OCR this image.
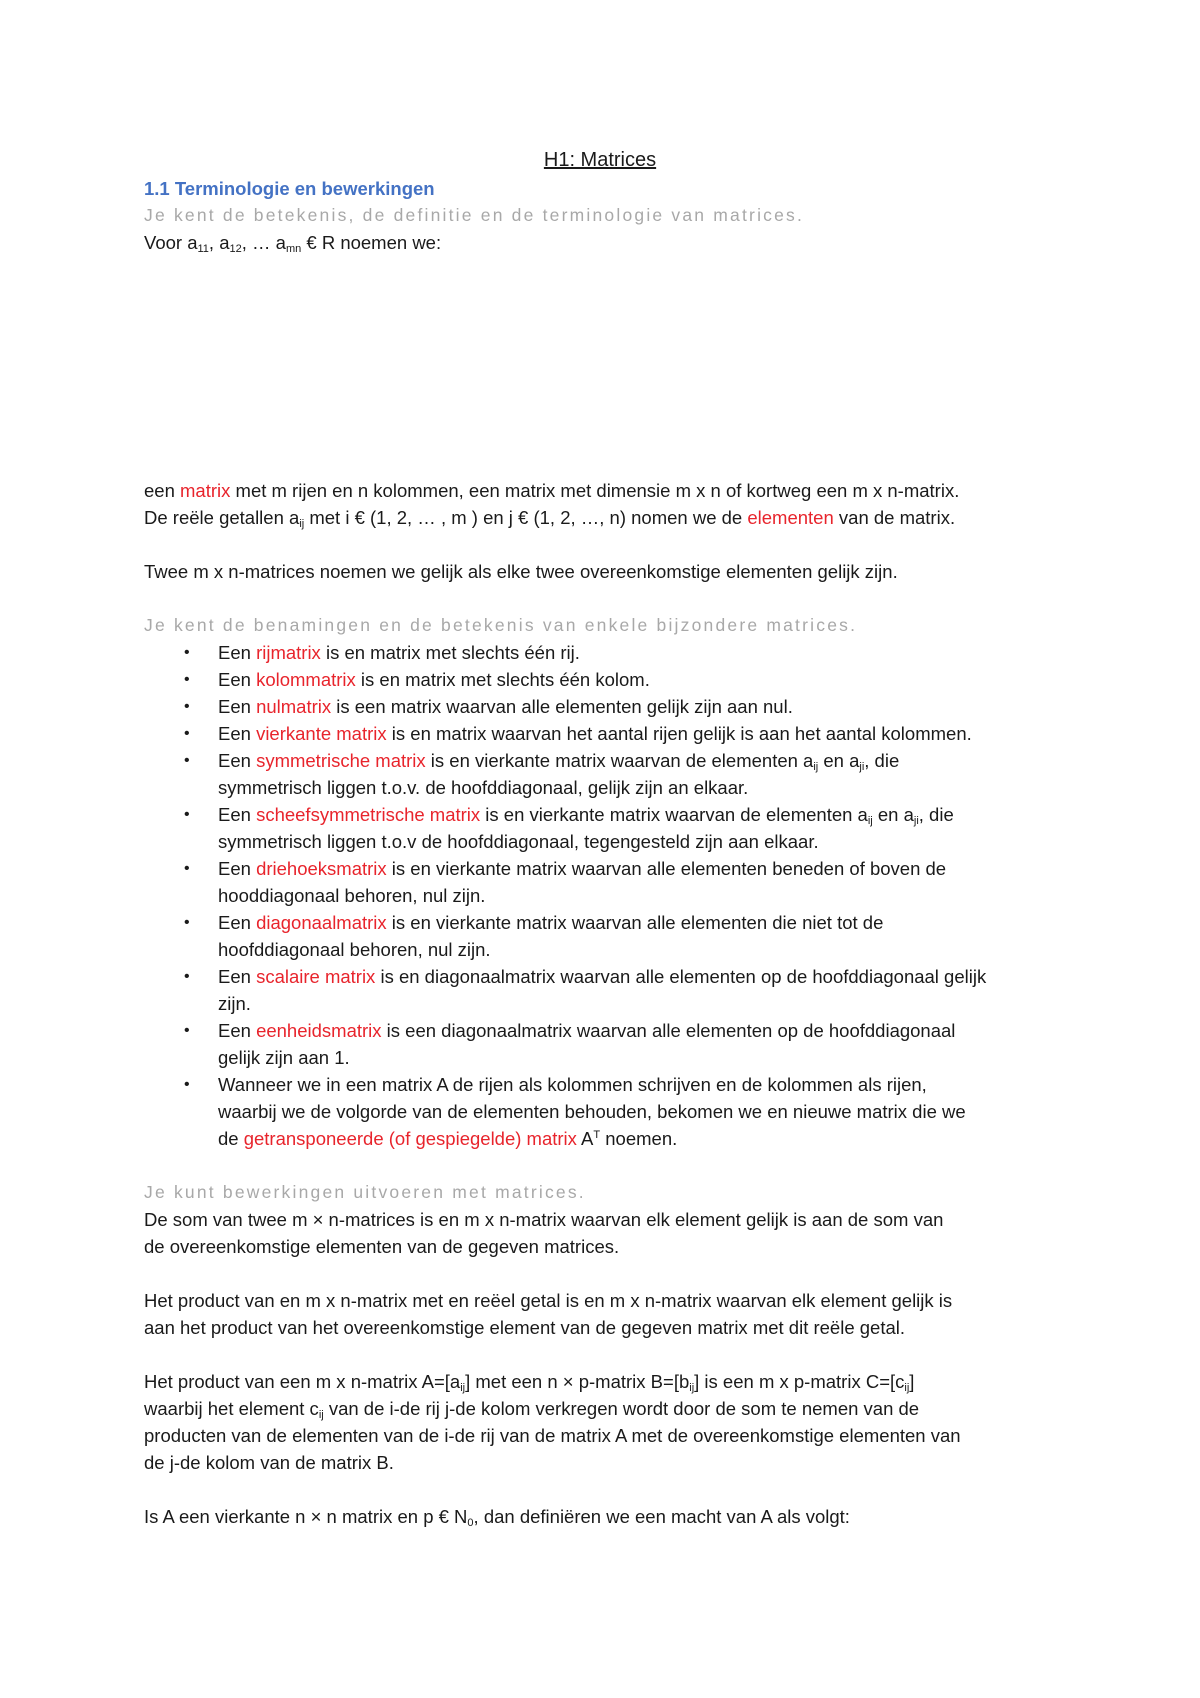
H1: Matrices
1.1 Terminologie en bewerkingen
Je kent de betekenis, de definitie en de terminologie van matrices.
Voor $a_{11}$, $a_{12}$, … $a_{mn}$ € R noemen we:
een matrix met m rijen en n kolommen, een matrix met dimensie m x n of kortweg een m x n-matrix.
De reële getallen $a_{ij}$ met i € (1, 2, … , m ) en j € (1, 2, …, n) nomen we de elementen van de matrix.
Twee m x n-matrices noemen we gelijk als elke twee overeenkomstige elementen gelijk zijn.
Je kent de benamingen en de betekenis van enkele bijzondere matrices.
• Een rijmatrix is en matrix met slechts één rij.
• Een kolommatrix is en matrix met slechts één kolom.
• Een nulmatrix is een matrix waarvan alle elementen gelijk zijn aan nul.
• Een vierkante matrix is en matrix waarvan het aantal rijen gelijk is aan het aantal kolommen.
• Een symmetrische matrix is en vierkante matrix waarvan de elementen $a_{ij}$ en $a_{ji}$, die
symmetrisch liggen t.o.v. de hoofddiagonaal, gelijk zijn an elkaar.
• Een scheefsymmetrische matrix is en vierkante matrix waarvan de elementen $a_{ij}$ en $a_{ji}$, die
symmetrisch liggen t.o.v de hoofddiagonaal, tegengesteld zijn aan elkaar.
• Een driehoeksmatrix is en vierkante matrix waarvan alle elementen beneden of boven de
hooddiagonaal behoren, nul zijn.
• Een diagonaalmatrix is en vierkante matrix waarvan alle elementen die niet tot de
hoofddiagonaal behoren, nul zijn.
• Een scalaire matrix is en diagonaalmatrix waarvan alle elementen op de hoofddiagonaal gelijk
zijn.
• Een eenheidsmatrix is een diagonaalmatrix waarvan alle elementen op de hoofddiagonaal
gelijk zijn aan 1.
• Wanneer we in een matrix A de rijen als kolommen schrijven en de kolommen als rijen,
waarbij we de volgorde van de elementen behouden, bekomen we en nieuwe matrix die we
de getransponeerde (of gespiegelde) matrix $A^T$ noemen.
Je kunt bewerkingen uitvoeren met matrices.
De som van twee m × n-matrices is en m x n-matrix waarvan elk element gelijk is aan de som van
de overeenkomstige elementen van de gegeven matrices.
Het product van en m x n-matrix met en reëel getal is en m x n-matrix waarvan elk element gelijk is
aan het product van het overeenkomstige element van de gegeven matrix met dit reële getal.
Het product van een m x n-matrix $A=[a_{ij}]$ met een n × p-matrix $B=[b_{ij}]$ is een m x p-matrix $C=[c_{ij}]$
waarbij het element $c_{ij}$ van de i-de rij j-de kolom verkregen wordt door de som te nemen van de
producten van de elementen van de i-de rij van de matrix A met de overeenkomstige elementen van
de j-de kolom van de matrix B.
Is A een vierkante n × n matrix en p € $N_0$, dan definiëren we een macht van A als volgt:
